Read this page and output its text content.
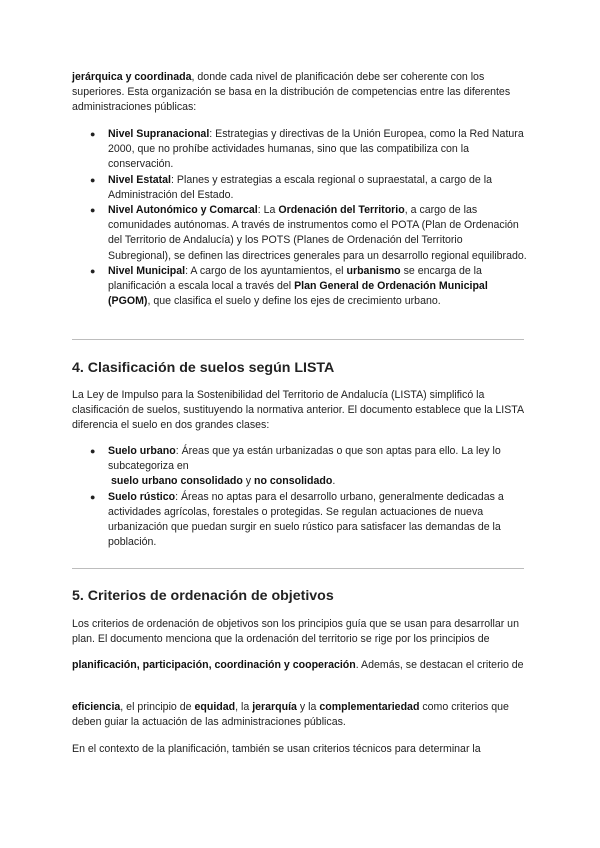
jerárquica y coordinada, donde cada nivel de planificación debe ser coherente con los superiores. Esta organización se basa en la distribución de competencias entre las diferentes administraciones públicas:

● Nivel Supranacional: Estrategias y directivas de la Unión Europea, como la Red Natura 2000, que no prohíbe actividades humanas, sino que las compatibiliza con la conservación.
● Nivel Estatal: Planes y estrategias a escala regional o supraestatal, a cargo de la Administración del Estado.
● Nivel Autonómico y Comarcal: La Ordenación del Territorio, a cargo de las comunidades autónomas. A través de instrumentos como el POTA (Plan de Ordenación del Territorio de Andalucía) y los POTS (Planes de Ordenación del Territorio Subregional), se definen las directrices generales para un desarrollo regional equilibrado.
● Nivel Municipal: A cargo de los ayuntamientos, el urbanismo se encarga de la planificación a escala local a través del Plan General de Ordenación Municipal (PGOM), que clasifica el suelo y define los ejes de crecimiento urbano.
4. Clasificación de suelos según LISTA

La Ley de Impulso para la Sostenibilidad del Territorio de Andalucía (LISTA) simplificó la clasificación de suelos, sustituyendo la normativa anterior. El documento establece que la LISTA diferencia el suelo en dos grandes clases:

● Suelo urbano: Áreas que ya están urbanizadas o que son aptas para ello. La ley lo subcategoriza en
suelo urbano consolidado y no consolidado.
● Suelo rústico: Áreas no aptas para el desarrollo urbano, generalmente dedicadas a actividades agrícolas, forestales o protegidas. Se regulan actuaciones de nueva urbanización que puedan surgir en suelo rústico para satisfacer las demandas de la población.
5. Criterios de ordenación de objetivos

Los criterios de ordenación de objetivos son los principios guía que se usan para desarrollar un plan. El documento menciona que la ordenación del territorio se rige por los principios de

planificación, participación, coordinación y cooperación. Además, se destacan el criterio de

eficiencia, el principio de equidad, la jerarquía y la complementariedad como criterios que deben guiar la actuación de las administraciones públicas.

En el contexto de la planificación, también se usan criterios técnicos para determinar la
